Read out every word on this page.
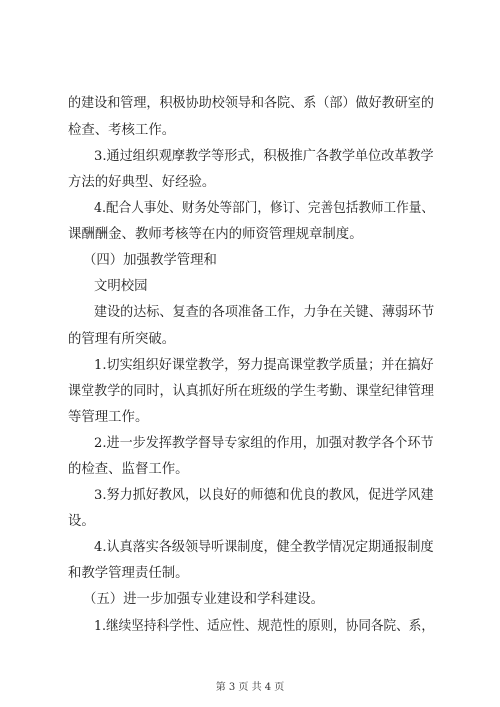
的建设和管理，积极协助校领导和各院、系（部）做好教研室的
检查、考核工作。
3.通过组织观摩教学等形式，积极推广各教学单位改革教学
方法的好典型、好经验。
4.配合人事处、财务处等部门，修订、完善包括教师工作量、
课酬酬金、教师考核等在内的师资管理规章制度。
（四）加强教学管理和
文明校园
建设的达标、复查的各项准备工作，力争在关键、薄弱环节
的管理有所突破。
1.切实组织好课堂教学，努力提高课堂教学质量；并在搞好
课堂教学的同时，认真抓好所在班级的学生考勤、课堂纪律管理
等管理工作。
2.进一步发挥教学督导专家组的作用，加强对教学各个环节
的检查、监督工作。
3.努力抓好教风，以良好的师德和优良的教风，促进学风建
设。
4.认真落实各级领导听课制度，健全教学情况定期通报制度
和教学管理责任制。
（五）进一步加强专业建设和学科建设。
1.继续坚持科学性、适应性、规范性的原则，协同各院、系，
第 3 页 共 4 页
